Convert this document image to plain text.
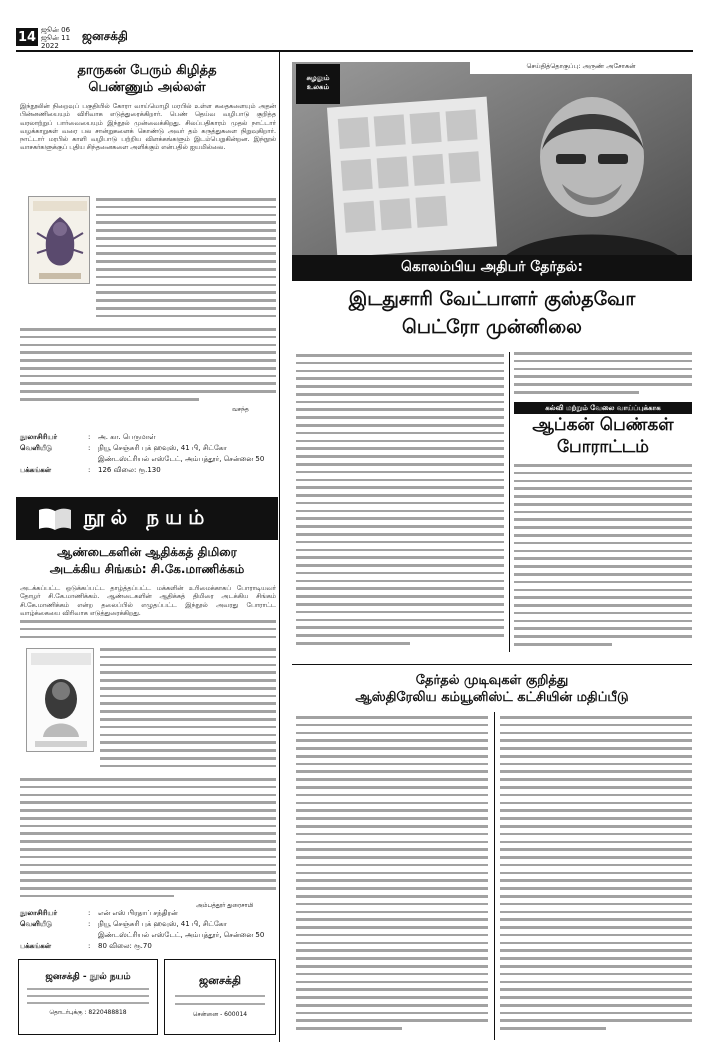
14 ஜூன் 06
ஜூன் 11
2022
ஜனசக்தி
தாருகன் பேரும் கிழித்த
பெண்ணும் அல்லள்
இந்நூலின் நிறைவுப் பகுதியில் கோரா வாய்மொழி மரபில் உள்ள கதைகளையும் அதன் பின்னணியையும் விரிவாக எடுத்துரைக்கிறார். பெண் தெய்வ வழிபாடு குறித்த வரலாற்றுப் பார்வையையும் இந்நூல் முன்வைக்கிறது. சிலப்பதிகாரம் முதல் நாட்டார் வழக்காறுகள் வரை பல சான்றுகளைக் கொண்டு அவர் தம் கருத்துகளை நிறுவுகிறார். நாட்டார் மரபில் காளி வழிபாடு பற்றிய விளக்கங்களும் இடம்பெறுகின்றன. இந்நூல் வாசகர்களுக்குப் புதிய சிந்தனைகளை அளிக்கும் என்பதில் ஐயமில்லை.
வசந்த
நூலாசிரியர்	:	அ. கா. பெருமாள்
வெளியீடு	:	நியூ செஞ்சுரி புக் ஹவுஸ், 41 பி, சிட்கோ
இண்டஸ்ட்ரியல் எஸ்டேட், அம்பத்தூர், சென்னை 50
பக்கங்கள்	:	126 விலை: ரூ.130
நூல் நயம்
ஆண்டைகளின் ஆதிக்கத் திமிரை
அடக்கிய சிங்கம்: சி.கே.மாணிக்கம்
அடக்கப்பட்ட ஒடுக்கப்பட்ட தாழ்த்தப்பட்ட மக்களின் உரிமைக்காகப் போராடியவர் தோழர் சி.கே.மாணிக்கம். ஆண்டைகளின் ஆதிக்கத் திமிரை அடக்கிய சிங்கம் சி.கே.மாணிக்கம் என்ற தலைப்பில் எழுதப்பட்ட இந்நூல் அவரது போராட்ட வாழ்க்கையை விரிவாக எடுத்துரைக்கிறது.
அம்பத்தூர் துரைசாமி
நூலாசிரியர்	:	என் எஸ் பிரதாப் சந்திரன்
வெளியீடு	:	நியூ செஞ்சுரி புக் ஹவுஸ், 41 பி, சிட்கோ
இண்டஸ்ட்ரியல் எஸ்டேட், அம்பத்தூர், சென்னை 50
பக்கங்கள்	:	80 விலை: ரூ.70
ஜனசக்தி - நூல் நயம்
தொடர்புக்கு : 8220488818
ஜனசக்தி
சென்னை - 600014
செய்தித்தொகுப்பு: அருண் அசோகன்
சுழலும் உலகம்
கொலம்பிய அதிபர் தேர்தல்:
இடதுசாரி வேட்பாளர் குஸ்தவோ
பெட்ரோ முன்னிலை
கல்வி மற்றும் வேலை வாய்ப்புக்காக
ஆப்கன் பெண்கள்
போராட்டம்
தேர்தல் முடிவுகள் குறித்து
ஆஸ்திரேலிய கம்யூனிஸ்ட் கட்சியின் மதிப்பீடு
